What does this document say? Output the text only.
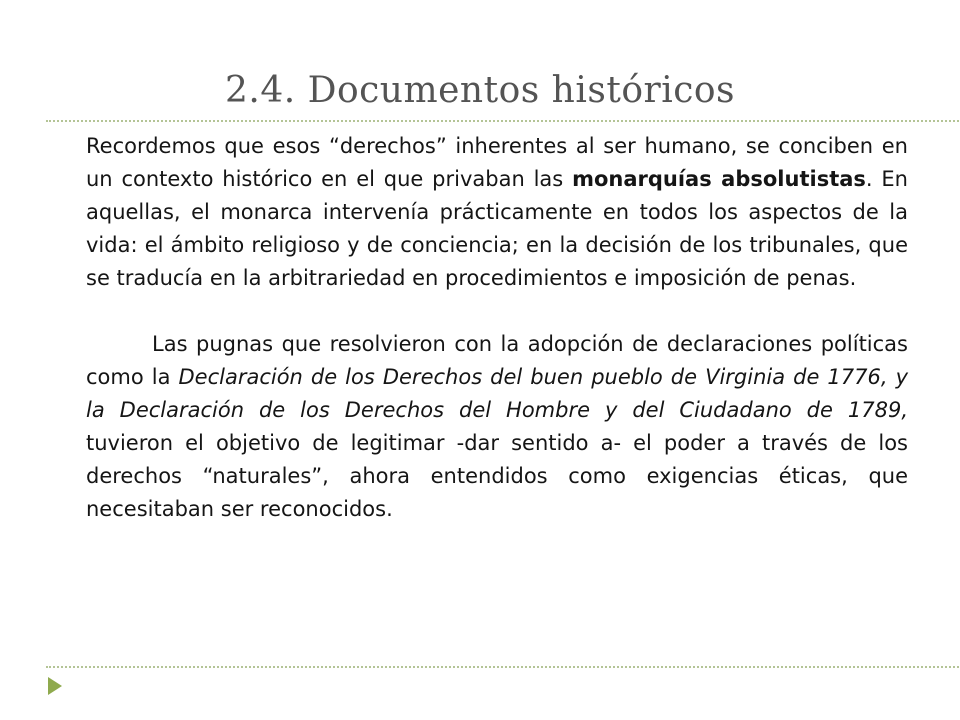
2.4. Documentos históricos

Recordemos que esos “derechos” inherentes al ser humano, se conciben en un contexto histórico en el que privaban las monarquías absolutistas. En aquellas, el monarca intervenía prácticamente en todos los aspectos de la vida: el ámbito religioso y de conciencia; en la decisión de los tribunales, que se traducía en la arbitrariedad en procedimientos e imposición de penas.

Las pugnas que resolvieron con la adopción de declaraciones políticas como la Declaración de los Derechos del buen pueblo de Virginia de 1776, y la Declaración de los Derechos del Hombre y del Ciudadano de 1789, tuvieron el objetivo de legitimar -dar sentido a- el poder a través de los derechos “naturales”, ahora entendidos como exigencias éticas, que necesitaban ser reconocidos.
